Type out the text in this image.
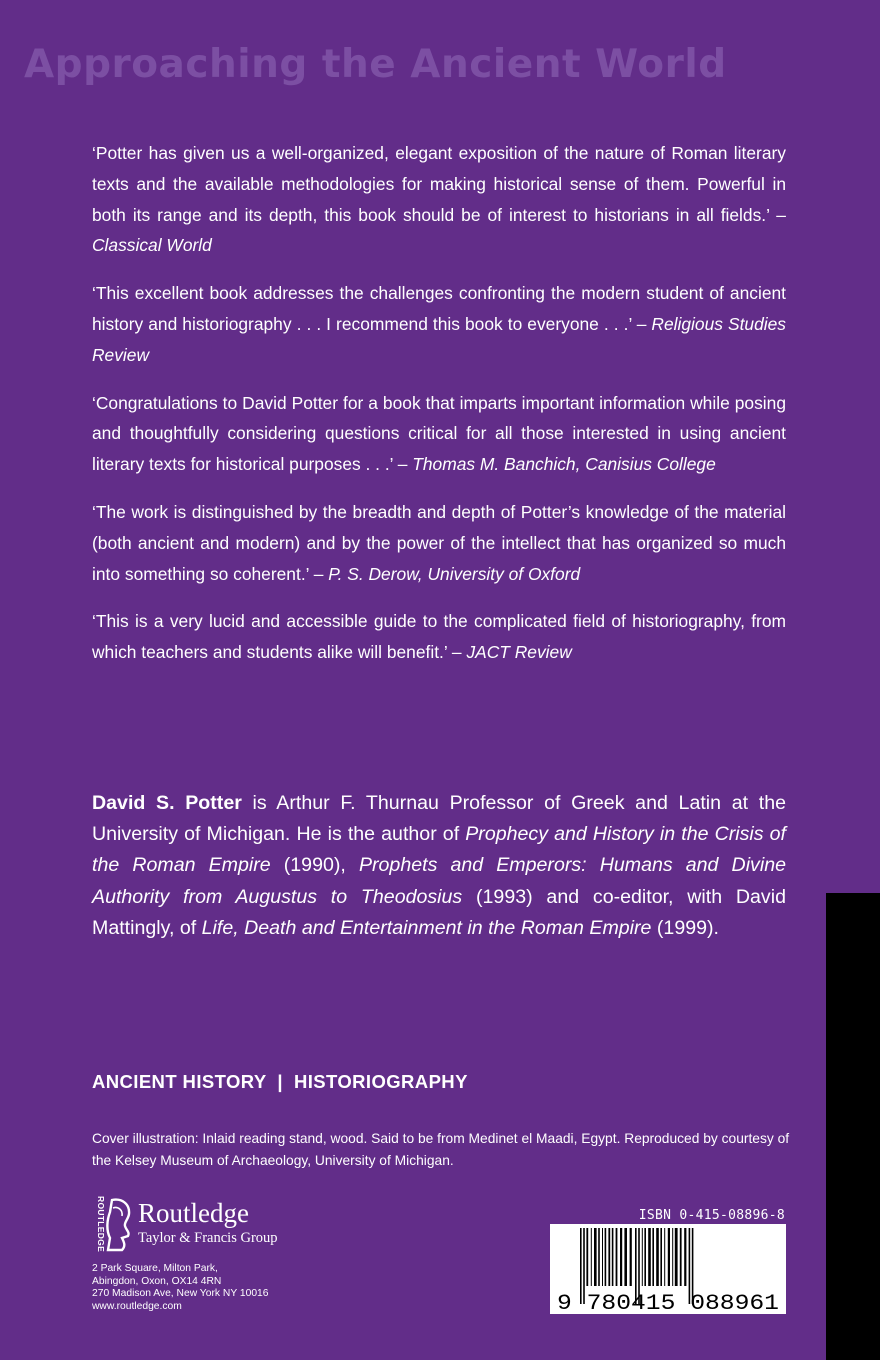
Approaching the Ancient World

‘Potter has given us a well-organized, elegant exposition of the nature of Roman literary texts and the available methodologies for making historical sense of them. Powerful in both its range and its depth, this book should be of interest to historians in all fields.’ – Classical World

‘This excellent book addresses the challenges confronting the modern student of ancient history and historiography . . . I recommend this book to everyone . . .’ – Religious Studies Review

‘Congratulations to David Potter for a book that imparts important information while posing and thoughtfully considering questions critical for all those interested in using ancient literary texts for historical purposes . . .’ – Thomas M. Banchich, Canisius College

‘The work is distinguished by the breadth and depth of Potter’s knowledge of the material (both ancient and modern) and by the power of the intellect that has organized so much into something so coherent.’ – P. S. Derow, University of Oxford

‘This is a very lucid and accessible guide to the complicated field of historiography, from which teachers and students alike will benefit.’ – JACT Review

David S. Potter is Arthur F. Thurnau Professor of Greek and Latin at the University of Michigan. He is the author of Prophecy and History in the Crisis of the Roman Empire (1990), Prophets and Emperors: Humans and Divine Authority from Augustus to Theodosius (1993) and co-editor, with David Mattingly, of Life, Death and Entertainment in the Roman Empire (1999).

ANCIENT HISTORY  |  HISTORIOGRAPHY
Cover illustration: Inlaid reading stand, wood. Said to be from Medinet el Maadi, Egypt. Reproduced by courtesy of the Kelsey Museum of Archaeology, University of Michigan.
ROUTLEDGE Routledge
Taylor & Francis Group
2 Park Square, Milton Park,
Abingdon, Oxon, OX14 4RN
270 Madison Ave, New York NY 10016
www.routledge.com
ISBN 0-415-08896-8
9 780415 088961
